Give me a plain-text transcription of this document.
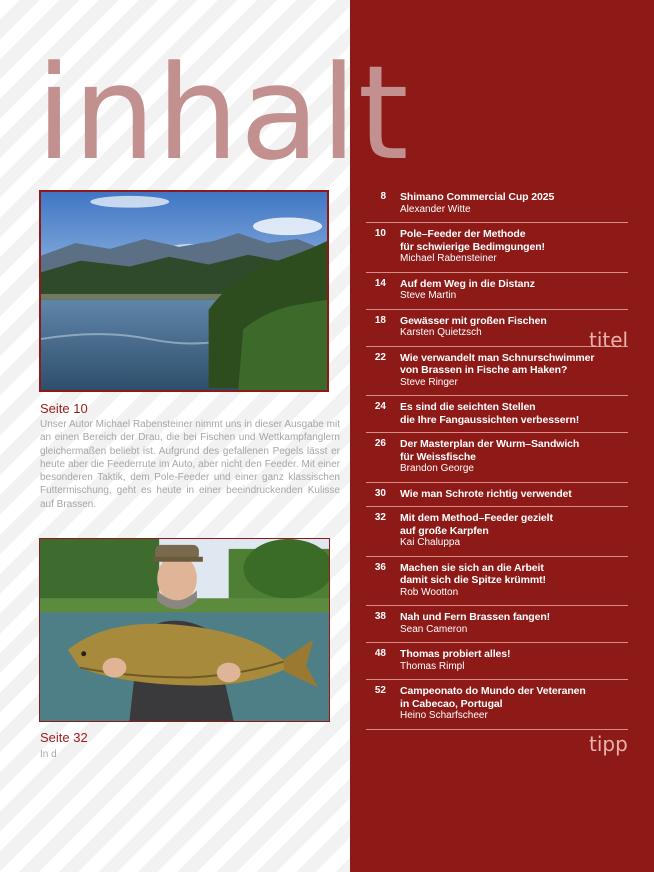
inhalt
Seite 10

Unser Autor Michael Rabensteiner nimmt uns in dieser Ausgabe mit an einen Bereich der Drau, die bei Fischen und Wettkampfanglern gleichermaßen beliebt ist. Aufgrund des gefallenen Pegels lässt er heute aber die Feederrute im Auto, aber nicht den Feeder. Mit einer besonderen Taktik, dem Pole-Feeder und einer ganz klassischen Futtermischung, geht es heute in einer beeindruckenden Kulisse auf Brassen.

Seite 32

In d

8 Shimano Commercial Cup 2025
Alexander Witte
10 Pole–Feeder der Methode
für schwierige Bedimgungen!
Michael Rabensteiner
14 Auf dem Weg in die Distanz
Steve Martin
18 Gewässer mit großen Fischen
Karsten Quietzsch
22 Wie verwandelt man Schnurschwimmer
von Brassen in Fische am Haken?
Steve Ringer
24 Es sind die seichten Stellen
die Ihre Fangaussichten verbessern!
26 Der Masterplan der Wurm–Sandwich
für Weissfische
Brandon George
30 Wie man Schrote richtig verwendet
32 Mit dem Method–Feeder gezielt
auf große Karpfen
Kai Chaluppa
36 Machen sie sich an die Arbeit
damit sich die Spitze krümmt!
Rob Wootton
38 Nah und Fern Brassen fangen!
Sean Cameron
48 Thomas probiert alles!
Thomas Rimpl
52 Campeonato do Mundo der Veteranen
in Cabecao, Portugal
Heino Scharfscheer
titel
tipp
